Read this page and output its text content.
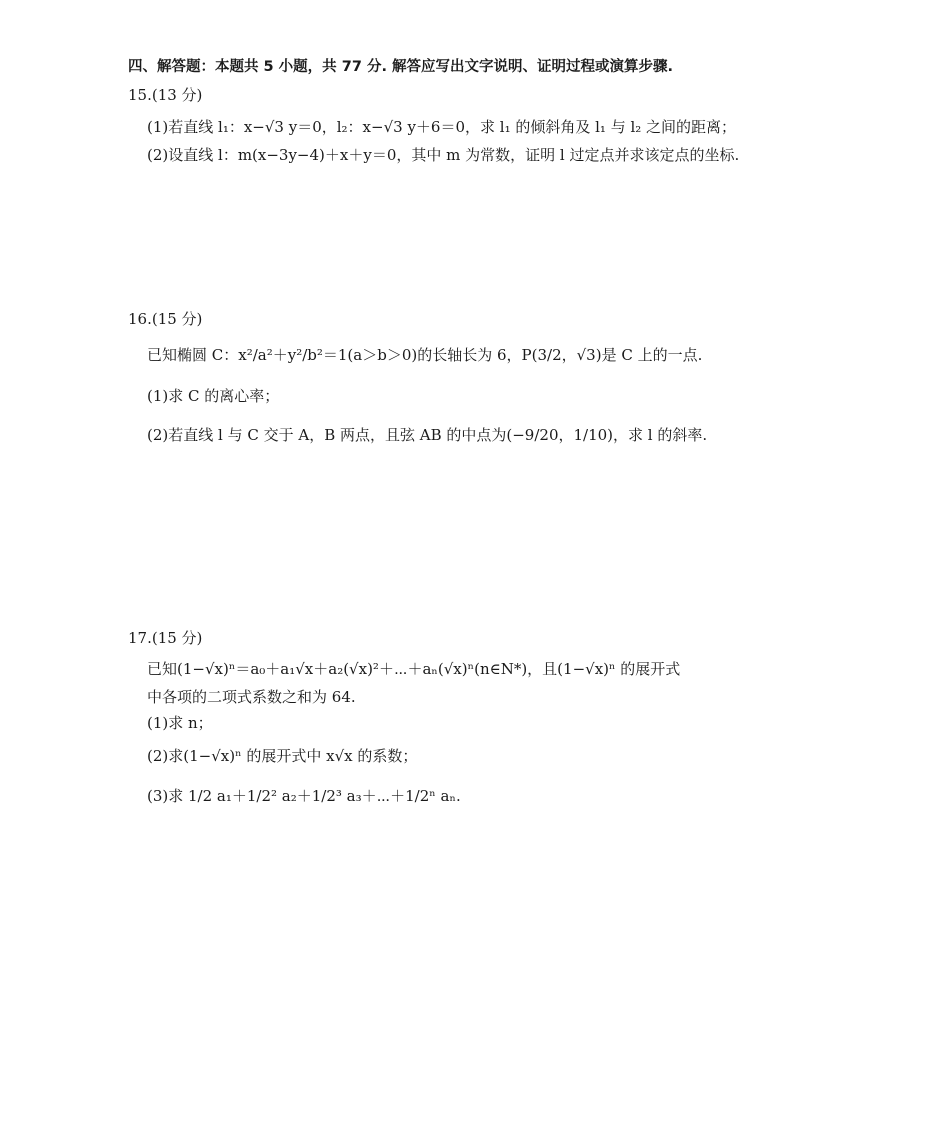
四、解答题：本题共 5 小题，共 77 分. 解答应写出文字说明、证明过程或演算步骤.
15.(13 分)
(1)若直线 l₁：x−√3 y＝0，l₂：x−√3 y＋6＝0，求 l₁ 的倾斜角及 l₁ 与 l₂ 之间的距离；
(2)设直线 l：m(x−3y−4)＋x＋y＝0，其中 m 为常数，证明 l 过定点并求该定点的坐标.
16.(15 分)
已知椭圆 C：x²/a²＋y²/b²＝1(a＞b＞0)的长轴长为 6，P(3/2，√3)是 C 上的一点.
(1)求 C 的离心率；
(2)若直线 l 与 C 交于 A，B 两点，且弦 AB 的中点为(−9/20，1/10)，求 l 的斜率.
17.(15 分)
已知(1−√x)ⁿ＝a₀＋a₁√x＋a₂(√x)²＋⋯＋aₙ(√x)ⁿ(n∈N*)，且(1−√x)ⁿ 的展开式
中各项的二项式系数之和为 64.
(1)求 n；
(2)求(1−√x)ⁿ 的展开式中 x√x 的系数；
(3)求 1/2 a₁＋1/2² a₂＋1/2³ a₃＋⋯＋1/2ⁿ aₙ.
